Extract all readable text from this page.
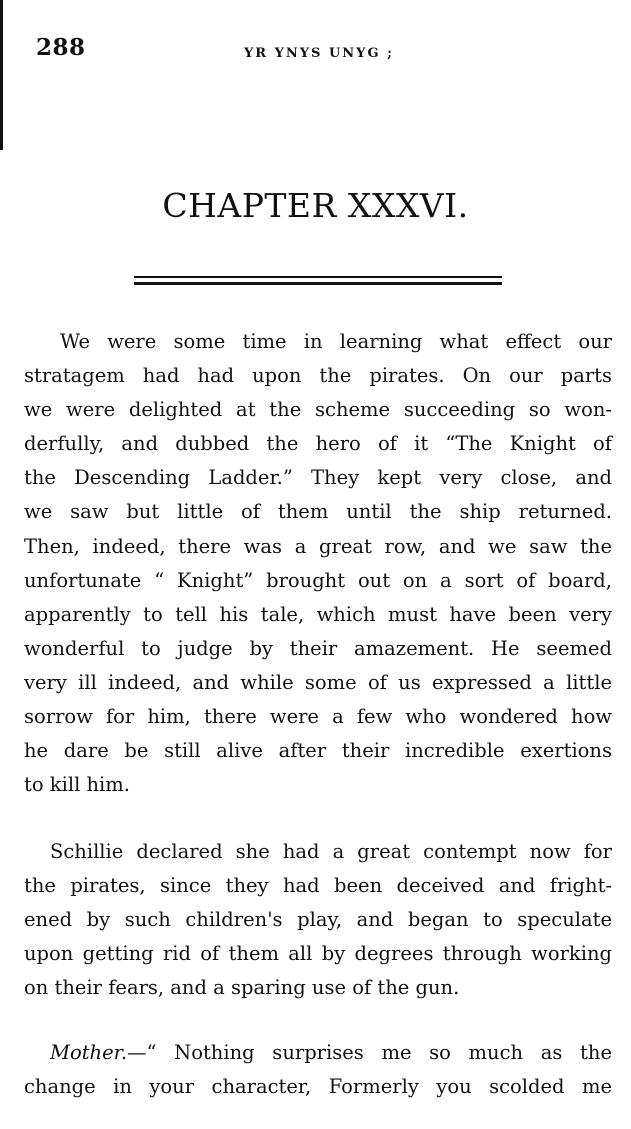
288	YR YNYS UNYG ;
CHAPTER XXXVI.

We were some time in learning what effect our
stratagem had had upon the pirates. On our parts
we were delighted at the scheme succeeding so won-
derfully, and dubbed the hero of it “The Knight of
the Descending Ladder.” They kept very close, and
we saw but little of them until the ship returned.
Then, indeed, there was a great row, and we saw the
unfortunate “ Knight” brought out on a sort of board,
apparently to tell his tale, which must have been very
wonderful to judge by their amazement. He seemed
very ill indeed, and while some of us expressed a little
sorrow for him, there were a few who wondered how
he dare be still alive after their incredible exertions
to kill him.

Schillie declared she had a great contempt now for
the pirates, since they had been deceived and fright-
ened by such children's play, and began to speculate
upon getting rid of them all by degrees through working
on their fears, and a sparing use of the gun.

Mother.—“ Nothing surprises me so much as the
change in your character, Formerly you scolded me
